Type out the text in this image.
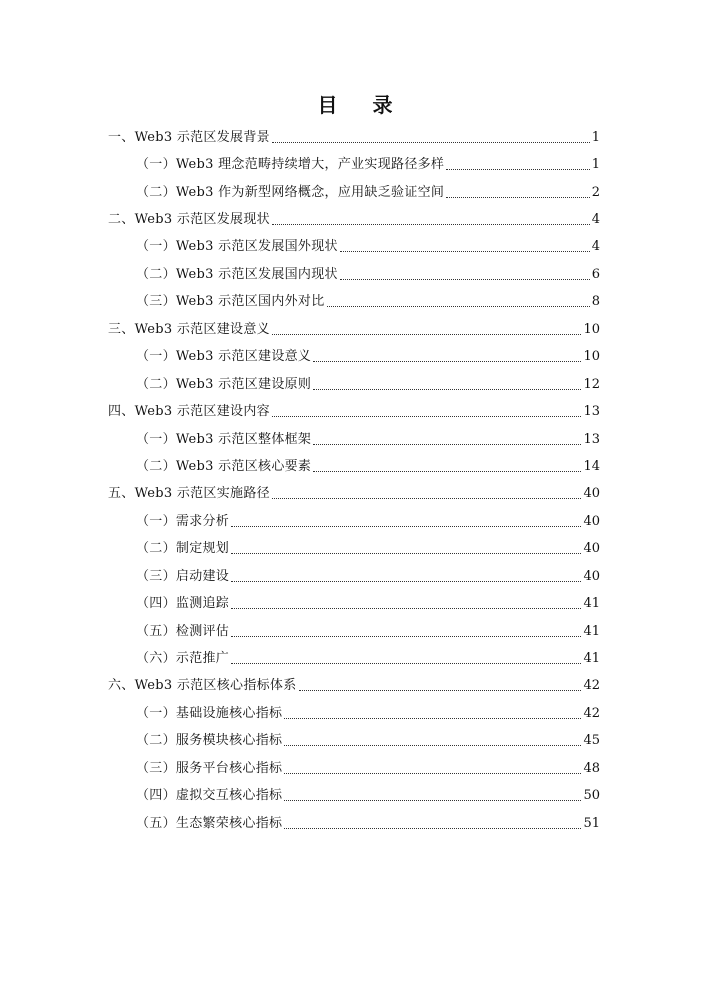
目 录
一、Web3 示范区发展背景	1
（一）Web3 理念范畴持续增大，产业实现路径多样	1
（二）Web3 作为新型网络概念，应用缺乏验证空间	2
二、Web3 示范区发展现状	4
（一）Web3 示范区发展国外现状	4
（二）Web3 示范区发展国内现状	6
（三）Web3 示范区国内外对比	8
三、Web3 示范区建设意义	10
（一）Web3 示范区建设意义	10
（二）Web3 示范区建设原则	12
四、Web3 示范区建设内容	13
（一）Web3 示范区整体框架	13
（二）Web3 示范区核心要素	14
五、Web3 示范区实施路径	40
（一）需求分析	40
（二）制定规划	40
（三）启动建设	40
（四）监测追踪	41
（五）检测评估	41
（六）示范推广	41
六、Web3 示范区核心指标体系	42
（一）基础设施核心指标	42
（二）服务模块核心指标	45
（三）服务平台核心指标	48
（四）虚拟交互核心指标	50
（五）生态繁荣核心指标	51
